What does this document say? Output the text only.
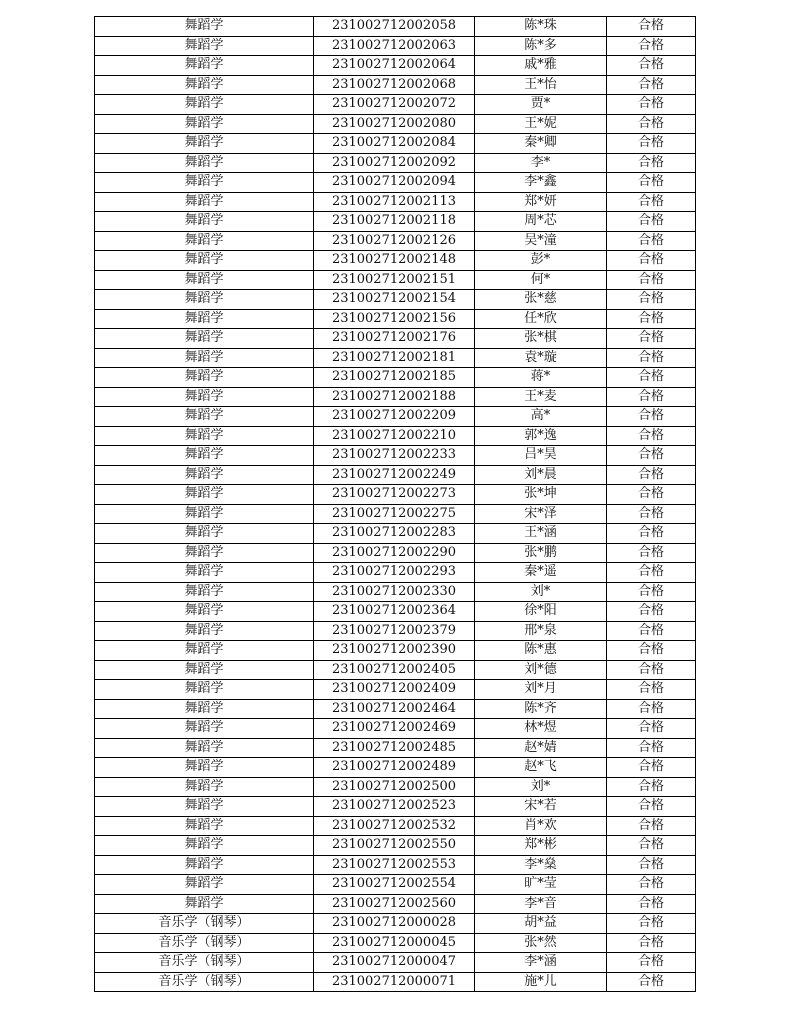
舞蹈学	231002712002058	陈*珠	合格
舞蹈学	231002712002063	陈*多	合格
舞蹈学	231002712002064	戚*雅	合格
舞蹈学	231002712002068	王*怡	合格
舞蹈学	231002712002072	贾*	合格
舞蹈学	231002712002080	王*妮	合格
舞蹈学	231002712002084	秦*卿	合格
舞蹈学	231002712002092	李*	合格
舞蹈学	231002712002094	李*鑫	合格
舞蹈学	231002712002113	郑*妍	合格
舞蹈学	231002712002118	周*芯	合格
舞蹈学	231002712002126	吴*潼	合格
舞蹈学	231002712002148	彭*	合格
舞蹈学	231002712002151	何*	合格
舞蹈学	231002712002154	张*慈	合格
舞蹈学	231002712002156	任*欣	合格
舞蹈学	231002712002176	张*棋	合格
舞蹈学	231002712002181	袁*璇	合格
舞蹈学	231002712002185	蒋*	合格
舞蹈学	231002712002188	王*麦	合格
舞蹈学	231002712002209	高*	合格
舞蹈学	231002712002210	郭*逸	合格
舞蹈学	231002712002233	吕*昊	合格
舞蹈学	231002712002249	刘*晨	合格
舞蹈学	231002712002273	张*坤	合格
舞蹈学	231002712002275	宋*泽	合格
舞蹈学	231002712002283	王*涵	合格
舞蹈学	231002712002290	张*鹏	合格
舞蹈学	231002712002293	秦*遥	合格
舞蹈学	231002712002330	刘*	合格
舞蹈学	231002712002364	徐*阳	合格
舞蹈学	231002712002379	邢*泉	合格
舞蹈学	231002712002390	陈*惠	合格
舞蹈学	231002712002405	刘*德	合格
舞蹈学	231002712002409	刘*月	合格
舞蹈学	231002712002464	陈*齐	合格
舞蹈学	231002712002469	林*煜	合格
舞蹈学	231002712002485	赵*婧	合格
舞蹈学	231002712002489	赵*飞	合格
舞蹈学	231002712002500	刘*	合格
舞蹈学	231002712002523	宋*若	合格
舞蹈学	231002712002532	肖*欢	合格
舞蹈学	231002712002550	郑*彬	合格
舞蹈学	231002712002553	李*燊	合格
舞蹈学	231002712002554	旷*莹	合格
舞蹈学	231002712002560	李*音	合格
音乐学（钢琴）	231002712000028	胡*益	合格
音乐学（钢琴）	231002712000045	张*然	合格
音乐学（钢琴）	231002712000047	李*涵	合格
音乐学（钢琴）	231002712000071	施*儿	合格
